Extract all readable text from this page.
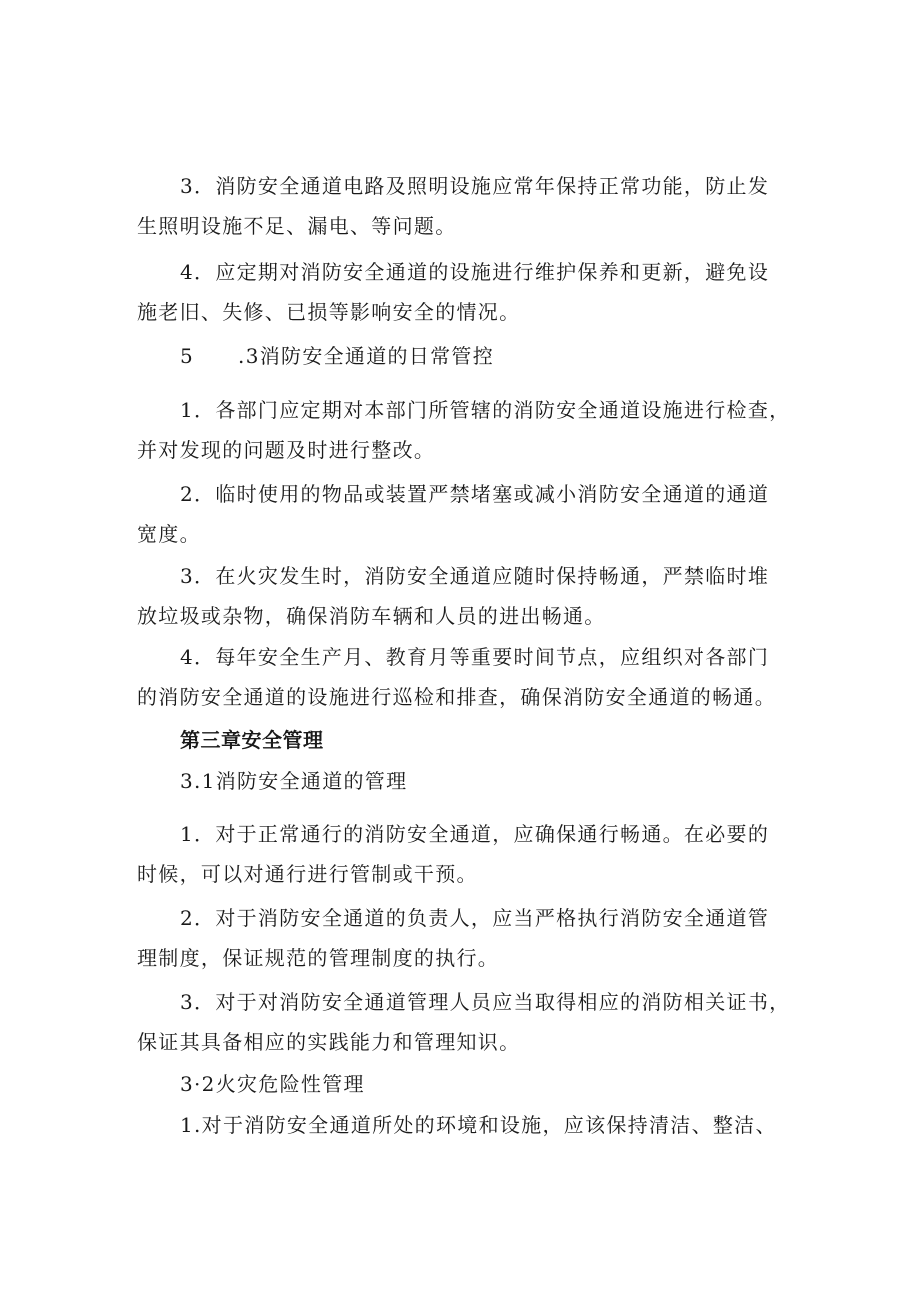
3．消防安全通道电路及照明设施应常年保持正常功能，防止发
生照明设施不足、漏电、等问题。
4．应定期对消防安全通道的设施进行维护保养和更新，避免设
施老旧、失修、已损等影响安全的情况。
5 .3消防安全通道的日常管控
1．各部门应定期对本部门所管辖的消防安全通道设施进行检查，
并对发现的问题及时进行整改。
2．临时使用的物品或装置严禁堵塞或减小消防安全通道的通道
宽度。
3．在火灾发生时，消防安全通道应随时保持畅通，严禁临时堆
放垃圾或杂物，确保消防车辆和人员的进出畅通。
4．每年安全生产月、教育月等重要时间节点，应组织对各部门
的消防安全通道的设施进行巡检和排查，确保消防安全通道的畅通。
第三章安全管理
3.1消防安全通道的管理
1．对于正常通行的消防安全通道，应确保通行畅通。在必要的
时候，可以对通行进行管制或干预。
2．对于消防安全通道的负责人，应当严格执行消防安全通道管
理制度，保证规范的管理制度的执行。
3．对于对消防安全通道管理人员应当取得相应的消防相关证书，
保证其具备相应的实践能力和管理知识。
3·2火灾危险性管理
1.对于消防安全通道所处的环境和设施，应该保持清洁、整洁、
